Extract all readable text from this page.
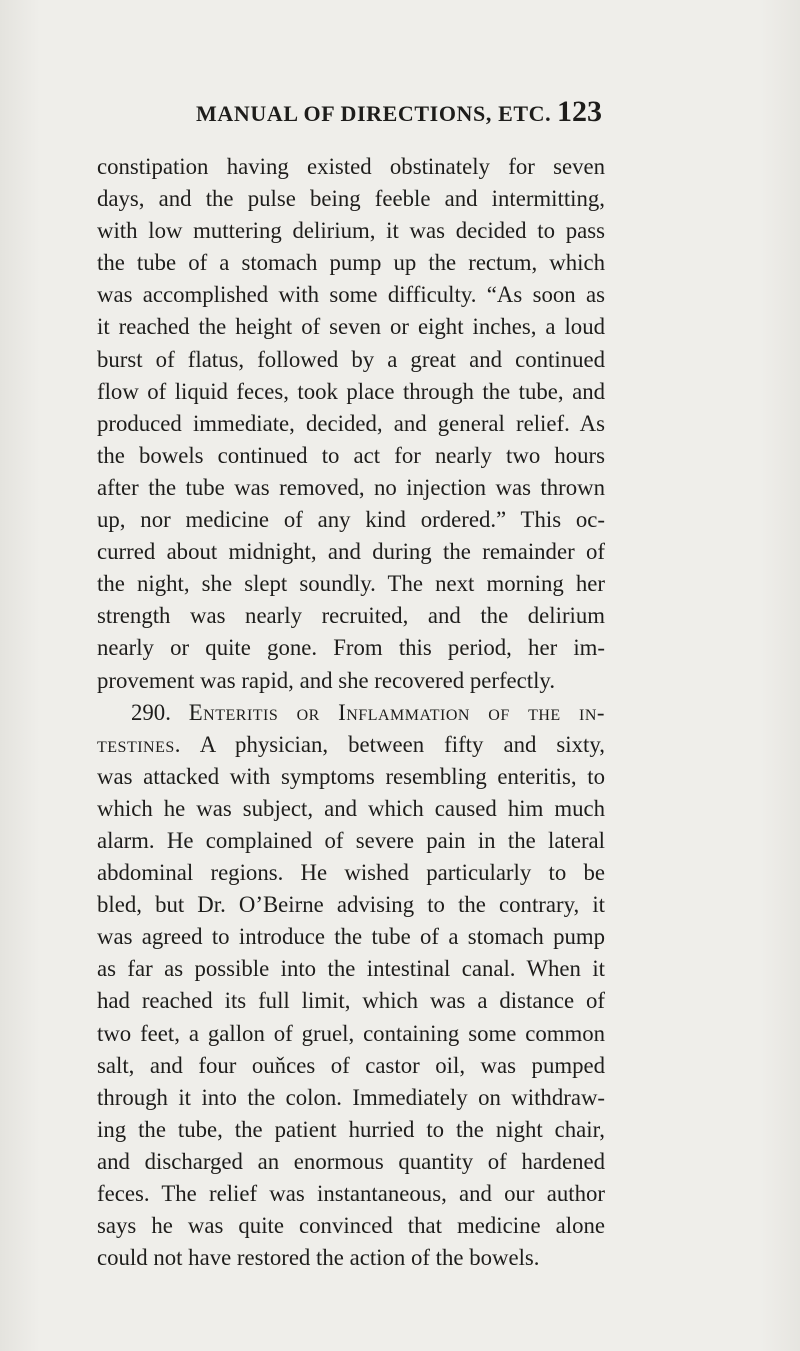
MANUAL OF DIRECTIONS, ETC. 123
constipation having existed obstinately for seven
days, and the pulse being feeble and intermitting,
with low muttering delirium, it was decided to pass
the tube of a stomach pump up the rectum, which
was accomplished with some difficulty. “As soon as
it reached the height of seven or eight inches, a loud
burst of flatus, followed by a great and continued
flow of liquid feces, took place through the tube, and
produced immediate, decided, and general relief. As
the bowels continued to act for nearly two hours
after the tube was removed, no injection was thrown
up, nor medicine of any kind ordered.” This oc-
curred about midnight, and during the remainder of
the night, she slept soundly. The next morning her
strength was nearly recruited, and the delirium
nearly or quite gone. From this period, her im-
provement was rapid, and she recovered perfectly.
290. Enteritis or Inflammation of the in-
testines. A physician, between fifty and sixty,
was attacked with symptoms resembling enteritis, to
which he was subject, and which caused him much
alarm. He complained of severe pain in the lateral
abdominal regions. He wished particularly to be
bled, but Dr. O’Beirne advising to the contrary, it
was agreed to introduce the tube of a stomach pump
as far as possible into the intestinal canal. When it
had reached its full limit, which was a distance of
two feet, a gallon of gruel, containing some common
salt, and four ouňces of castor oil, was pumped
through it into the colon. Immediately on withdraw-
ing the tube, the patient hurried to the night chair,
and discharged an enormous quantity of hardened
feces. The relief was instantaneous, and our author
says he was quite convinced that medicine alone
could not have restored the action of the bowels.
